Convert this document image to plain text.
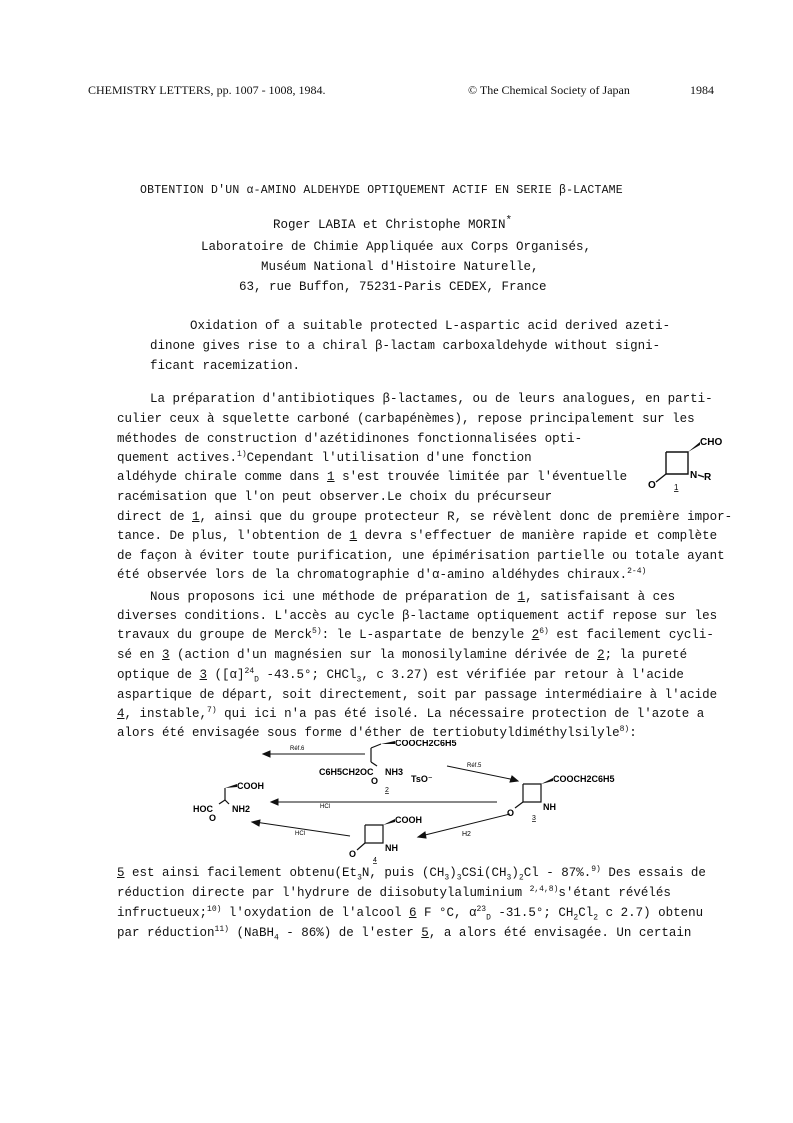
CHEMISTRY LETTERS, pp. 1007 - 1008, 1984.	© The Chemical Society of Japan	1984
OBTENTION D'UN α-AMINO ALDEHYDE OPTIQUEMENT ACTIF EN SERIE β-LACTAME
Roger LABIA et Christophe MORIN*
Laboratoire de Chimie Appliquée aux Corps Organisés,
Muséum National d'Histoire Naturelle,
63, rue Buffon, 75231-Paris CEDEX, France
Oxidation of a suitable protected L-aspartic acid derived azeti-
dinone gives rise to a chiral β-lactam carboxaldehyde without signi-
ficant racemization.
La préparation d'antibiotiques β-lactames, ou de leurs analogues, en parti-
culier ceux à squelette carboné (carbapénèmes), repose principalement sur les
méthodes de construction d'azétidinones fonctionnalisées opti-
quement actives.$^{1)}$Cependant l'utilisation d'une fonction
aldéhyde chirale comme dans 1 s'est trouvée limitée par l'éventuelle
racémisation que l'on peut observer.Le choix du précurseur
direct de 1, ainsi que du groupe protecteur R, se révèlent donc de première impor-
tance. De plus, l'obtention de 1 devra s'effectuer de manière rapide et complète
de façon à éviter toute purification, une épimérisation partielle ou totale ayant
été observée lors de la chromatographie d'α-amino aldéhydes chiraux.$^{2-4)}$
CHO
N R
O 1
Nous proposons ici une méthode de préparation de 1, satisfaisant à ces
diverses conditions. L'accès au cycle β-lactame optiquement actif repose sur les
travaux du groupe de Merck$^{5)}$: le L-aspartate de benzyle 2$^{6)}$ est facilement cycli-
sé en 3 (action d'un magnésien sur la monosilylamine dérivée de 2; la pureté
optique de 3 ($[\alpha]^{24}_D$ -43.5°; CHCl$_3$, c 3.27) est vérifiée par retour à l'acide
aspartique de départ, soit directement, soit par passage intermédiaire à l'acide
4, instable,$^{7)}$ qui ici n'a pas été isolé. La nécessaire protection de l'azote a
alors été envisagée sous forme d'éther de tertiobutyldiméthylsilyle$^{8)}$:
Réf.6
Réf.5
HCl
HCl	H2
COOCH2C6H5
C6H5CH2OC NH3
O	TsO⁻
2
COOH
HOC NH2
O
COOCH2C6H5
NH
O
3
COOH
NH
O
4
5 est ainsi facilement $obtenu(Et_3N$, puis $(CH_3)_3CSi(CH_3)_2Cl - 87\%.^{9)}$ Des essais de
réduction directe par l'hydrure de diisobutylaluminium $^{2,4,8)}$s'étant révélés
infructueux;$^{10)}$ l'oxydation de l'alcool 6 F °C, $\alpha^{23}_D$ -31.5°; $CH_2Cl_2$ c 2.7) obtenu
par réduction$^{11)}$ (NaBH$_4$ - 86%) de l'ester 5, a alors été envisagée. Un certain
